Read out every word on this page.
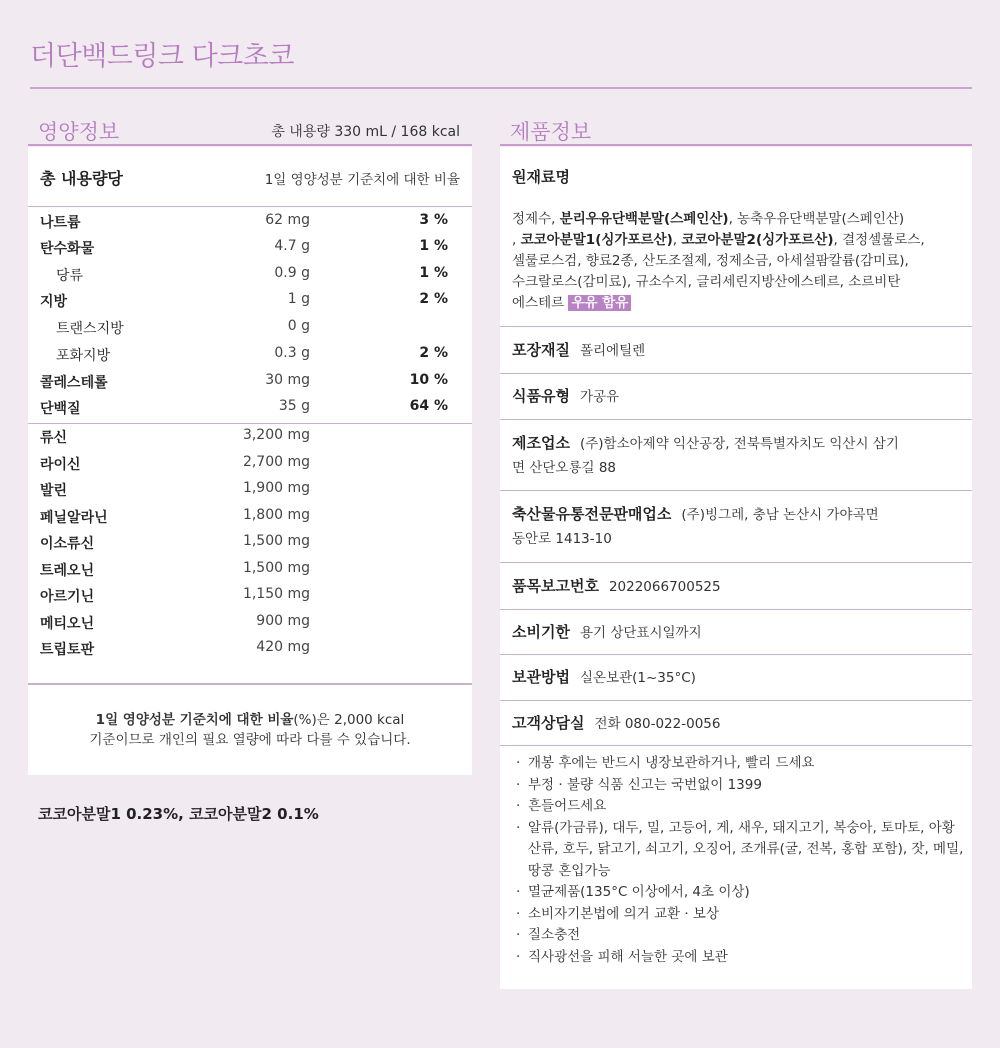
더단백드링크 다크초코
영양정보	총 내용량 330 mL / 168 kcal
총 내용량당	1일 영양성분 기준치에 대한 비율
나트륨	62 mg	3 %
탄수화물	4.7 g	1 %
당류	0.9 g	1 %
지방	1 g	2 %
트랜스지방	0 g
포화지방	0.3 g	2 %
콜레스테롤	30 mg	10 %
단백질	35 g	64 %
류신	3,200 mg
라이신	2,700 mg
발린	1,900 mg
페닐알라닌	1,800 mg
이소류신	1,500 mg
트레오닌	1,500 mg
아르기닌	1,150 mg
메티오닌	900 mg
트립토판	420 mg
1일 영양성분 기준치에 대한 비율(%)은 2,000 kcal
기준이므로 개인의 필요 열량에 따라 다를 수 있습니다.
코코아분말1 0.23%, 코코아분말2 0.1%
제품정보
원재료명
정제수, 분리우유단백분말(스페인산), 농축우유단백분말(스페인산)
, 코코아분말1(싱가포르산), 코코아분말2(싱가포르산), 결정셀룰로스,
셀룰로스검, 향료2종, 산도조절제, 정제소금, 아세설팜칼륨(감미료),
수크랄로스(감미료), 규소수지, 글리세린지방산에스테르, 소르비탄
에스테르 우유 함유
포장재질 폴리에틸렌
식품유형 가공유
제조업소 (주)함소아제약 익산공장, 전북특별자치도 익산시 삼기
면 산단오룡길 88
축산물유통전문판매업소 (주)빙그레, 충남 논산시 가야곡면
동안로 1413-10
품목보고번호 2022066700525
소비기한 용기 상단표시일까지
보관방법 실온보관(1~35°C)
고객상담실 전화 080-022-0056
· 개봉 후에는 반드시 냉장보관하거나, 빨리 드세요
· 부정 · 불량 식품 신고는 국번없이 1399
· 흔들어드세요
· 알류(가금류), 대두, 밀, 고등어, 게, 새우, 돼지고기, 복숭아, 토마토, 아황산류, 호두, 닭고기, 쇠고기, 오징어, 조개류(굴, 전복, 홍합 포함), 잣, 메밀, 땅콩 혼입가능
· 멸균제품(135°C 이상에서, 4초 이상)
· 소비자기본법에 의거 교환 · 보상
· 질소충전
· 직사광선을 피해 서늘한 곳에 보관
